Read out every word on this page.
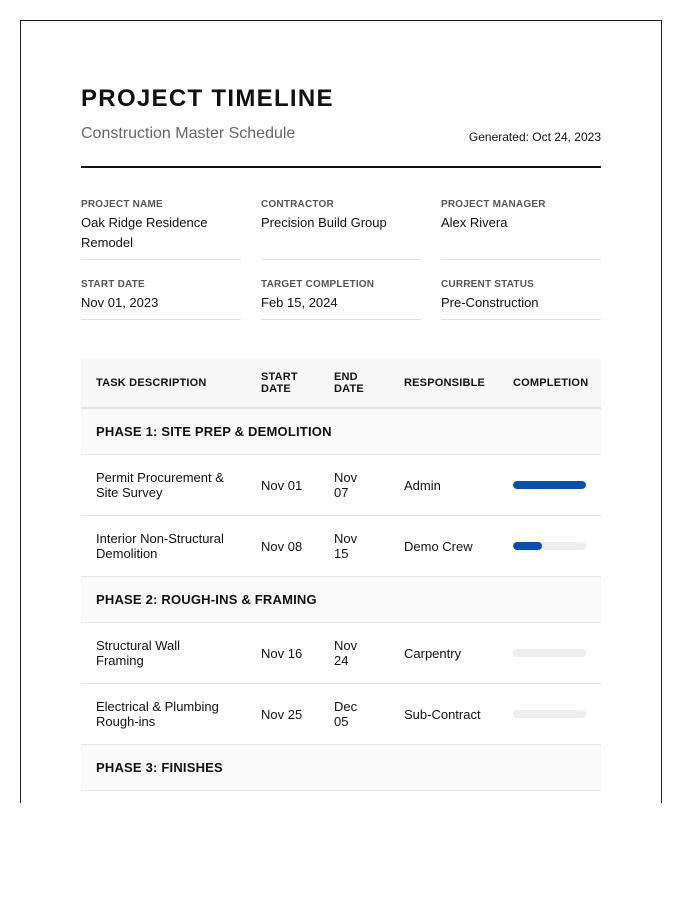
PROJECT TIMELINE
Construction Master Schedule	Generated: Oct 24, 2023
PROJECT NAME
Oak Ridge Residence Remodel
CONTRACTOR
Precision Build Group
PROJECT MANAGER
Alex Rivera
START DATE
Nov 01, 2023
TARGET COMPLETION
Feb 15, 2024
CURRENT STATUS
Pre-Construction
TASK DESCRIPTION	START DATE	END DATE	RESPONSIBLE	COMPLETION
PHASE 1: SITE PREP & DEMOLITION				
Permit Procurement & Site Survey	Nov 01	Nov 07	Admin	

Interior Non-Structural Demolition	Nov 08	Nov 15	Demo Crew	

PHASE 2: ROUGH-INS & FRAMING				
Structural Wall Framing	Nov 16	Nov 24	Carpentry	

Electrical & Plumbing Rough-ins	Nov 25	Dec 05	Sub-Contract	

PHASE 3: FINISHES				
